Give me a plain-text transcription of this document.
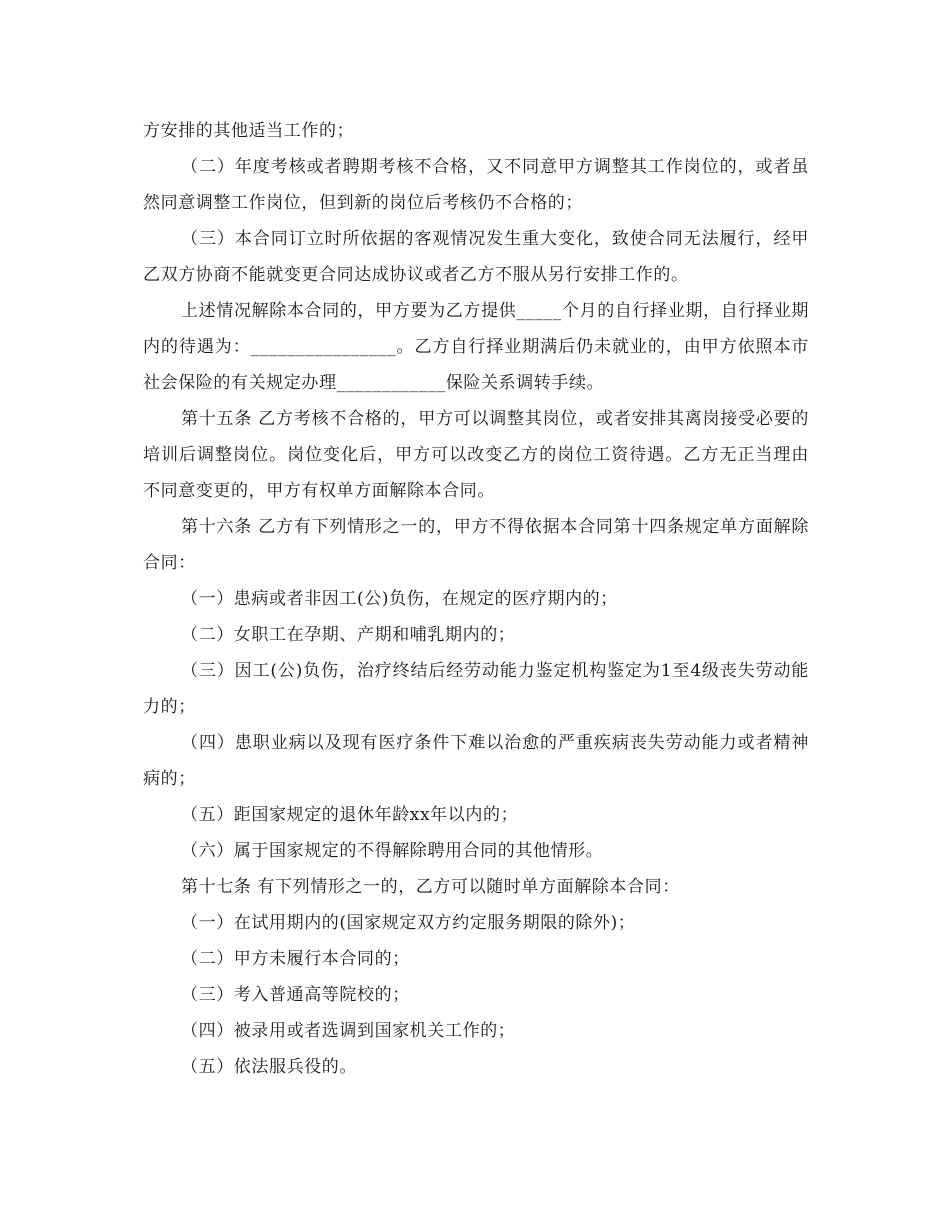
方安排的其他适当工作的；

（二）年度考核或者聘期考核不合格，又不同意甲方调整其工作岗位的，或者虽然同意调整工作岗位，但到新的岗位后考核仍不合格的；

（三）本合同订立时所依据的客观情况发生重大变化，致使合同无法履行，经甲乙双方协商不能就变更合同达成协议或者乙方不服从另行安排工作的。

上述情况解除本合同的，甲方要为乙方提供_____个月的自行择业期，自行择业期内的待遇为：________________。乙方自行择业期满后仍未就业的，由甲方依照本市社会保险的有关规定办理____________保险关系调转手续。

第十五条 乙方考核不合格的，甲方可以调整其岗位，或者安排其离岗接受必要的培训后调整岗位。岗位变化后，甲方可以改变乙方的岗位工资待遇。乙方无正当理由不同意变更的，甲方有权单方面解除本合同。

第十六条 乙方有下列情形之一的，甲方不得依据本合同第十四条规定单方面解除合同：

（一）患病或者非因工(公)负伤，在规定的医疗期内的；

（二）女职工在孕期、产期和哺乳期内的；

（三）因工(公)负伤，治疗终结后经劳动能力鉴定机构鉴定为1至4级丧失劳动能力的；

（四）患职业病以及现有医疗条件下难以治愈的严重疾病丧失劳动能力或者精神病的；

（五）距国家规定的退休年龄xx年以内的；

（六）属于国家规定的不得解除聘用合同的其他情形。

第十七条 有下列情形之一的，乙方可以随时单方面解除本合同：

（一）在试用期内的(国家规定双方约定服务期限的除外)；

（二）甲方未履行本合同的；

（三）考入普通高等院校的；

（四）被录用或者选调到国家机关工作的；

（五）依法服兵役的。
